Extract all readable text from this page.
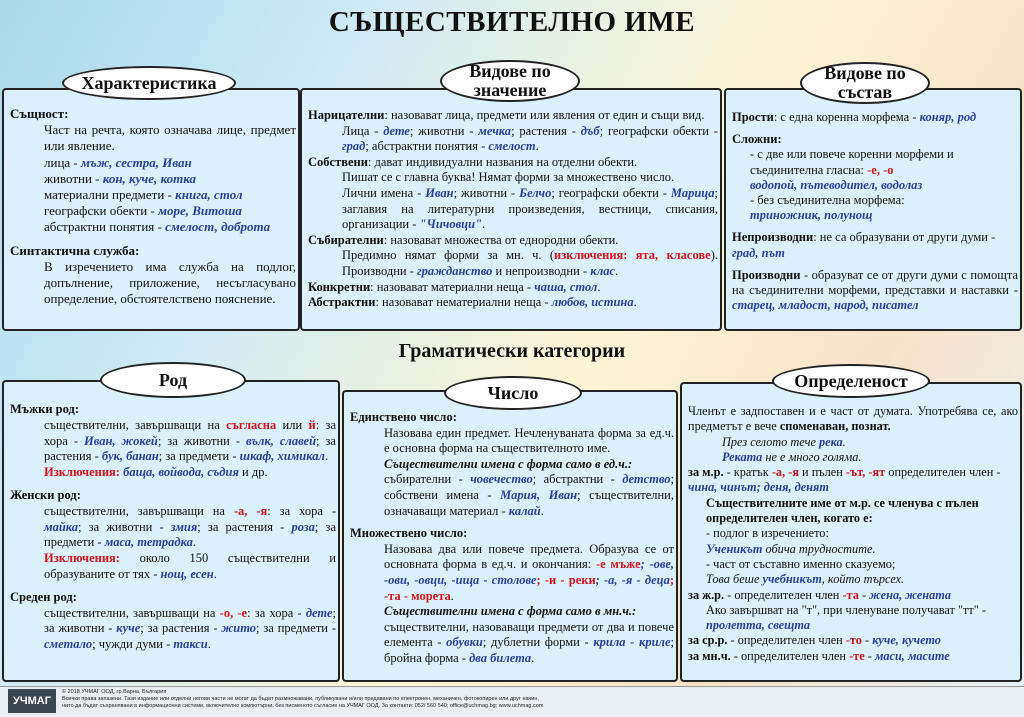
СЪЩЕСТВИТЕЛНО ИМЕ

Същност:

Част на речта, която означава лице, предмет или явление.

лица - мъж, сестра, Иван

животни - кон, куче, котка

материални предмети - книга, стол

географски обекти - море, Витоша

абстрактни понятия - смелост, доброта

Синтактична служба:

В изречението има служба на подлог, допълнение, приложение, несъгласувано определение, обстоятелствено пояснение.

Характеристика

Нарицателни: назовават лица, предмети или явления от един и същи вид.

Лица - дете; животни - мечка; растения - дъб; географски обекти - град; абстрактни понятия - смелост.

Собствени: дават индивидуални названия на отделни обекти.

Пишат се с главна буква! Нямат форми за множествено число.

Лични имена - Иван; животни - Белчо; географски обекти - Марица; заглавия на литературни произведения, вестници, списания, организации - "Чичовци".

Събирателни: назовават множества от еднородни обекти.

Предимно нямат форми за мн. ч. (изключения: ята, класове). Производни - гражданство и непроизводни - клас.

Конкретни: назовават материални неща - чаша, стол.

Абстрактни: назовават нематериални неща - любов, истина.

Видове по значение

Прости: с една коренна морфема - коняр, род

Сложни:

- с две или повече коренни морфеми и съединителна гласна: -е, -о

водопой, пътеводител, водолаз

- без съединителна морфема:

триножник, полунощ

Непроизводни: не са образувани от други думи - град, път

Производни - образуват се от други думи с помощта на съединителни морфеми, представки и наставки - старец, младост, народ, писател

Видове по състав
Граматически категории

Мъжки род:

съществителни, завършващи на съгласна или й: за хора - Иван, жокей; за животни - вълк, славей; за растения - бук, банан; за предмети - шкаф, химикал.

Изключения: баща, войвода, съдия и др.

Женски род:

съществителни, завършващи на -а, -я: за хора - майка; за животни - змия; за растения - роза; за предмети - маса, тетрадка.

Изключения: около 150 съществителни и образуваните от тях - нощ, есен.

Среден род:

съществителни, завършващи на -о, -е: за хора - дете; за животни - куче; за растения - жито; за предмети - сметало; чужди думи - такси.

Род

Единствено число:

Назовава един предмет. Нечленуваната форма за ед.ч. е основна форма на съществителното име.

Съществителни имена с форма само в ед.ч.:

събирателни - човечество; абстрактни - детство; собствени имена - Мария, Иван; съществителни, означаващи материал - калай.

Множествено число:

Назовава два или повече предмета. Образува се от основната форма в ед.ч. и окончания: -е мъже; -ове, -ови, -овци, -ища - столове; -и - реки; -а, -я - деца; -та - морета.

Съществителни имена с форма само в мн.ч.:

съществителни, назоваващи предмети от два и повече елемента - обувки; дублетни форми - крила - криле; бройна форма - два билета.

Число

Членът е задпоставен и е част от думата. Употребява се, ако предметът е вече споменаван, познат.

През селото тече река.

Реката не е много голяма.

за м.р. - кратък -а, -я и пълен -ът, -ят определителен член - чина, чинът; деня, денят

Съществителните име от м.р. се членува с пълен определителен член, когато е:

- подлог в изречението:

Ученикът обича трудностите.

- част от съставно именно сказуемо;

Това беше учебникът, който търсех.

за ж.р. - определителен член -та - жена, жената

Ако завършват на "т", при членуване получават "тт" - пролетта, свещта

за ср.р. - определителен член -то - куче, кучето

за мн.ч. - определителен член -те - маси, масите

Определеност
УЧМАГ
© 2018 УЧМАГ ООД, гр.Варна, България
Всички права запазени. Тази издание или отделни негови части не могат да бъдат размножавани, публикувани и/или предавани по електронен, механичен, фотокопирен или друг начин,
нито да бъдат съхранявани в информационни системи, включително компютърни, без писменото съгласие на УЧМАГ ООД. За контакти: 052/ 560 540; office@uchmag.bg; www.uchmag.com
